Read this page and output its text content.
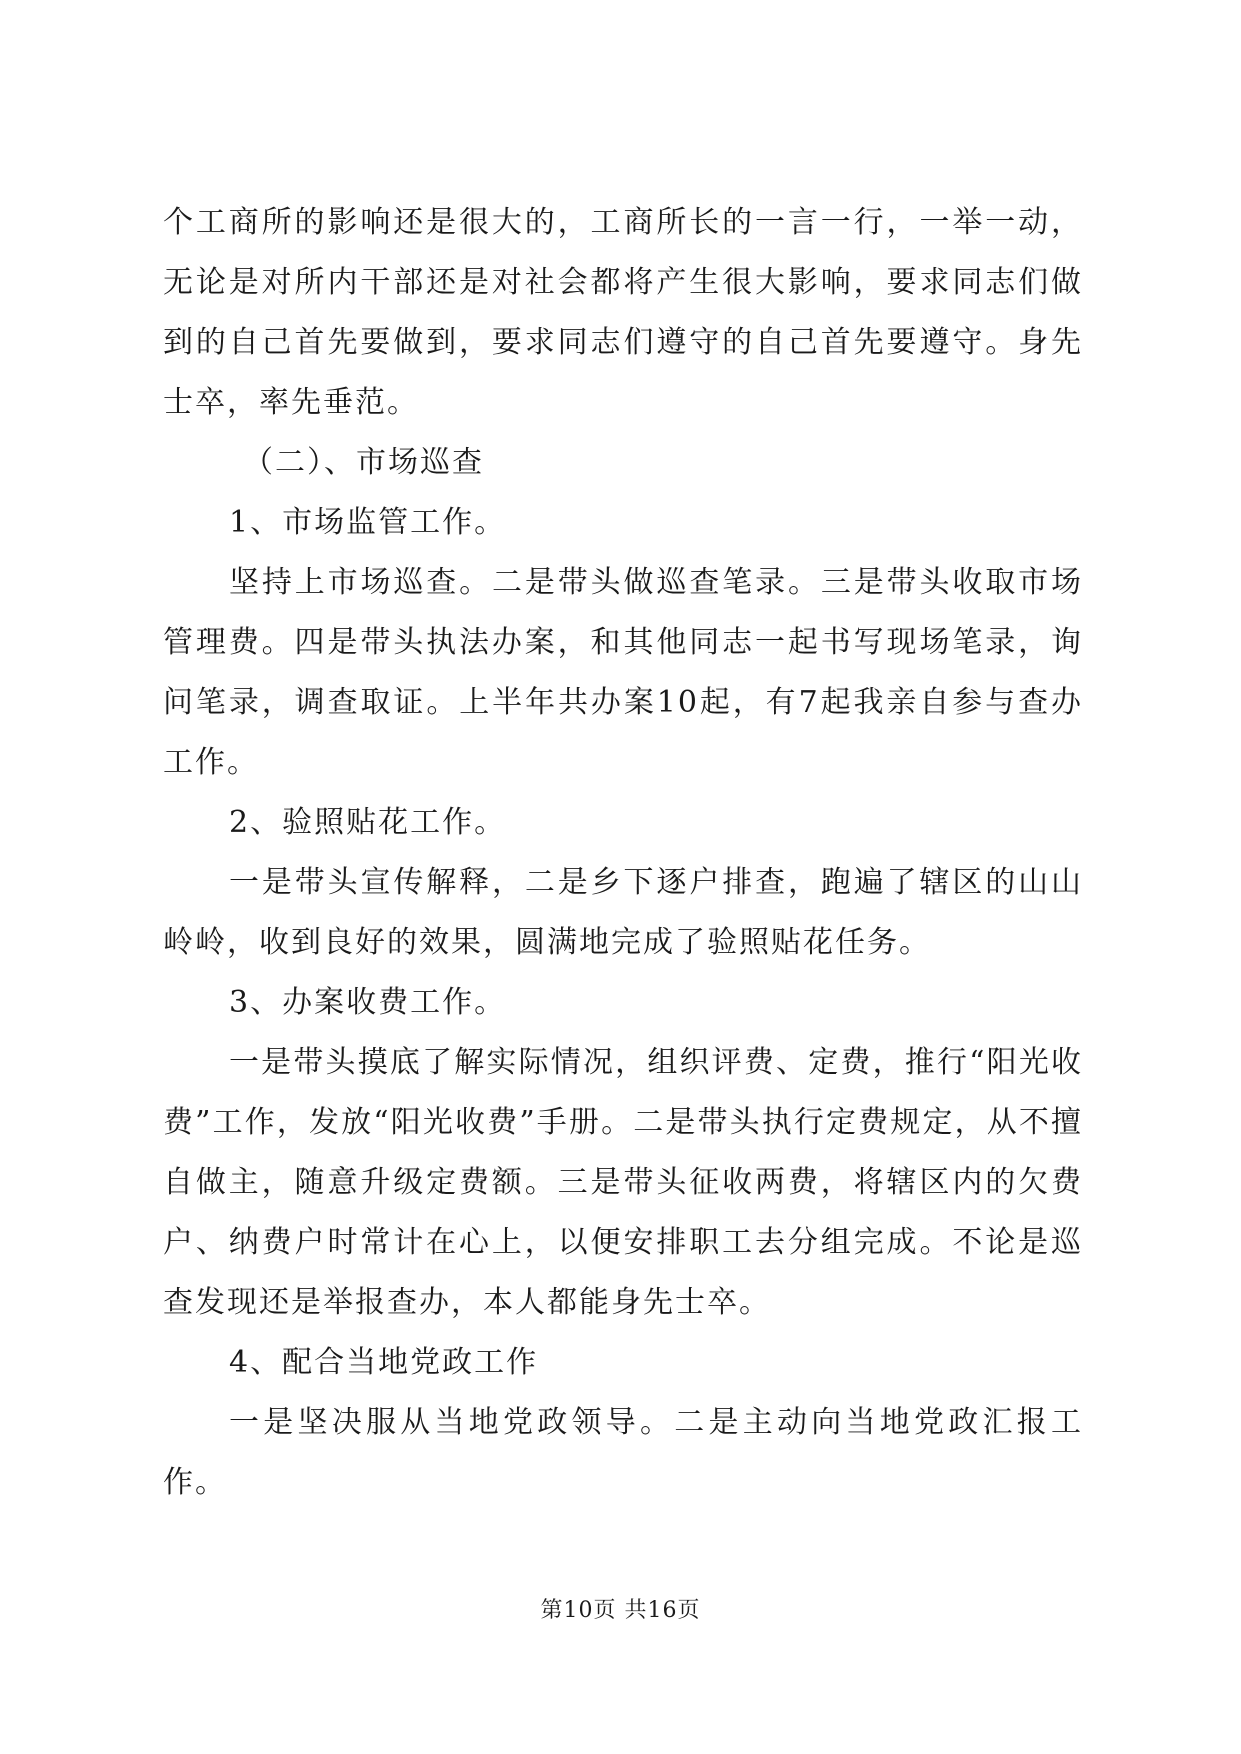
个工商所的影响还是很大的，工商所长的一言一行，一举一动，无论是对所内干部还是对社会都将产生很大影响，要求同志们做到的自己首先要做到，要求同志们遵守的自己首先要遵守。身先士卒，率先垂范。

（二）、市场巡查

1、市场监管工作。

坚持上市场巡查。二是带头做巡查笔录。三是带头收取市场管理费。四是带头执法办案，和其他同志一起书写现场笔录，询问笔录，调查取证。上半年共办案10起，有7起我亲自参与查办工作。

2、验照贴花工作。

一是带头宣传解释，二是乡下逐户排查，跑遍了辖区的山山岭岭，收到良好的效果，圆满地完成了验照贴花任务。

3、办案收费工作。

一是带头摸底了解实际情况，组织评费、定费，推行“阳光收费”工作，发放“阳光收费”手册。二是带头执行定费规定，从不擅自做主，随意升级定费额。三是带头征收两费，将辖区内的欠费户、纳费户时常计在心上，以便安排职工去分组完成。不论是巡查发现还是举报查办，本人都能身先士卒。

4、配合当地党政工作

一是坚决服从当地党政领导。二是主动向当地党政汇报工作。

第10页 共16页
